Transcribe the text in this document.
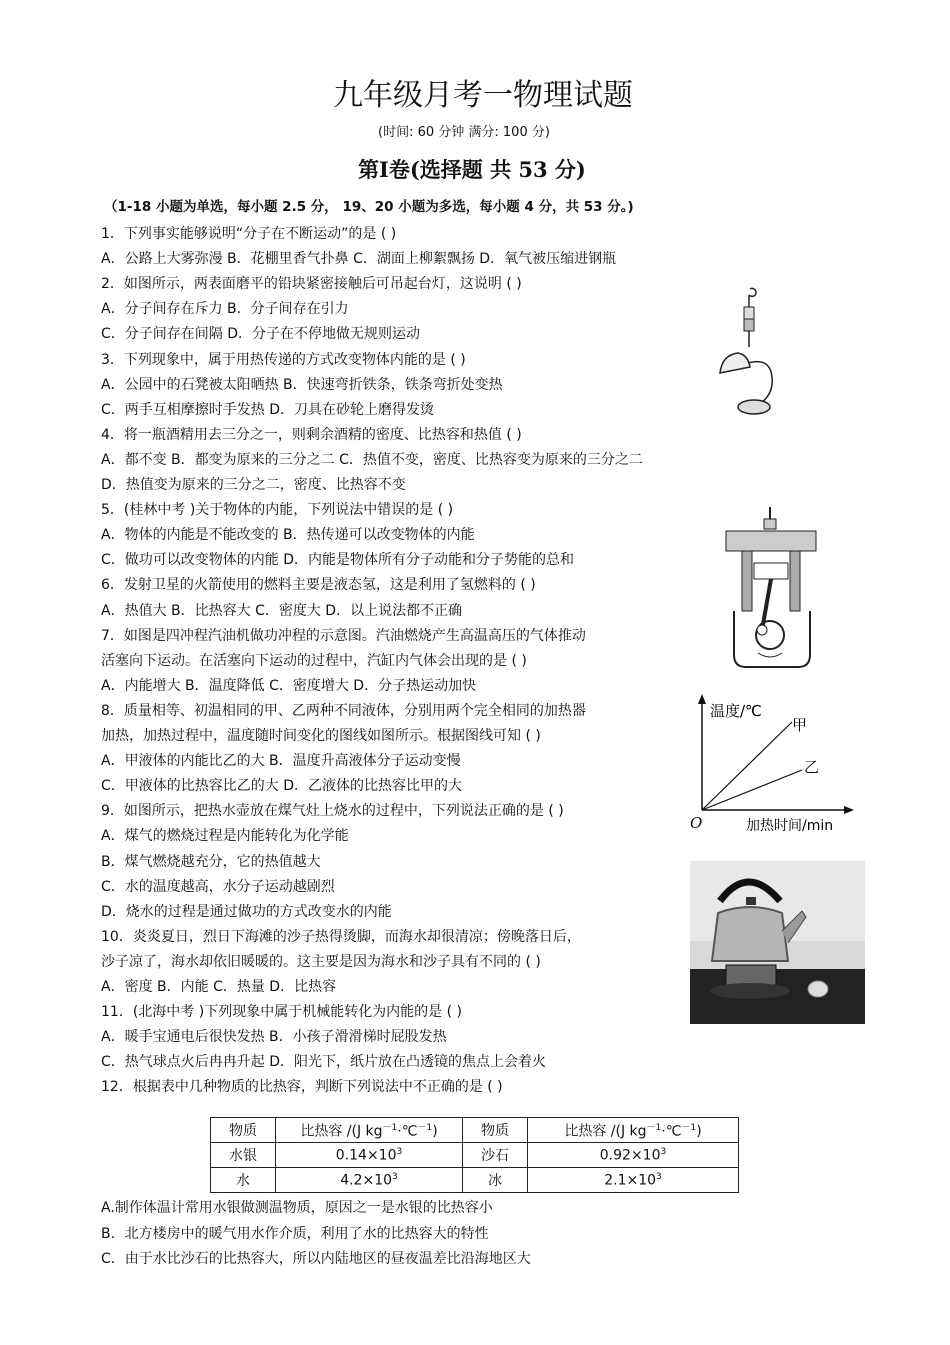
九年级月考一物理试题
(时间: 60 分钟 满分: 100 分)
第Ⅰ卷(选择题 共 53 分)
（1-18 小题为单选，每小题 2.5 分， 19、20 小题为多选，每小题 4 分，共 53 分。)
1．下列事实能够说明“分子在不断运动”的是 ( )
A．公路上大雾弥漫 B．花棚里香气扑鼻 C．湖面上柳絮飘扬 D．氧气被压缩进钢瓶
2．如图所示，两表面磨平的铅块紧密接触后可吊起台灯，这说明 ( )
A．分子间存在斥力 B．分子间存在引力
C．分子间存在间隔 D．分子在不停地做无规则运动
3．下列现象中，属于用热传递的方式改变物体内能的是 ( )
A．公园中的石凳被太阳晒热 B．快速弯折铁条，铁条弯折处变热
C．两手互相摩擦时手发热 D．刀具在砂轮上磨得发烫
4．将一瓶酒精用去三分之一，则剩余酒精的密度、比热容和热值 ( )
A．都不变 B．都变为原来的三分之二 C．热值不变，密度、比热容变为原来的三分之二
D．热值变为原来的三分之二，密度、比热容不变
5．(桂林中考 )关于物体的内能，下列说法中错误的是 ( )
A．物体的内能是不能改变的 B．热传递可以改变物体的内能
C．做功可以改变物体的内能 D．内能是物体所有分子动能和分子势能的总和
6．发射卫星的火箭使用的燃料主要是液态氢，这是利用了氢燃料的 ( )
A．热值大 B．比热容大 C．密度大 D．以上说法都不正确
7．如图是四冲程汽油机做功冲程的示意图。汽油燃烧产生高温高压的气体推动
活塞向下运动。在活塞向下运动的过程中，汽缸内气体会出现的是 ( )
A．内能增大 B．温度降低 C．密度增大 D．分子热运动加快
8．质量相等、初温相同的甲、乙两种不同液体，分别用两个完全相同的加热器
加热，加热过程中，温度随时间变化的图线如图所示。根据图线可知 ( )
A．甲液体的内能比乙的大 B．温度升高液体分子运动变慢
C．甲液体的比热容比乙的大 D．乙液体的比热容比甲的大
9．如图所示，把热水壶放在煤气灶上烧水的过程中，下列说法正确的是 ( )
A．煤气的燃烧过程是内能转化为化学能
B．煤气燃烧越充分，它的热值越大
C．水的温度越高，水分子运动越剧烈
D．烧水的过程是通过做功的方式改变水的内能
10．炎炎夏日，烈日下海滩的沙子热得烫脚，而海水却很清凉；傍晚落日后，
沙子凉了，海水却依旧暖暖的。这主要是因为海水和沙子具有不同的 ( )
A．密度 B．内能 C．热量 D．比热容
11．(北海中考 )下列现象中属于机械能转化为内能的是 ( )
A．暖手宝通电后很快发热 B．小孩子滑滑梯时屁股发热
C．热气球点火后冉冉升起 D．阳光下，纸片放在凸透镜的焦点上会着火
12．根据表中几种物质的比热容，判断下列说法中不正确的是 ( )
温度/℃
甲
乙
O	加热时间/min
物质	比热容 /(J $kg^{-1}\cdot℃^{-1}$)	物质	比热容 /(J $kg^{-1}\cdot℃^{-1}$)
水银	$0.14\times 10^3$	沙石	$0.92\times 10^3$
水	$4.2\times 10^3$	冰	$2.1\times 10^3$
A.制作体温计常用水银做测温物质，原因之一是水银的比热容小
B．北方楼房中的暖气用水作介质，利用了水的比热容大的特性
C．由于水比沙石的比热容大，所以内陆地区的昼夜温差比沿海地区大
